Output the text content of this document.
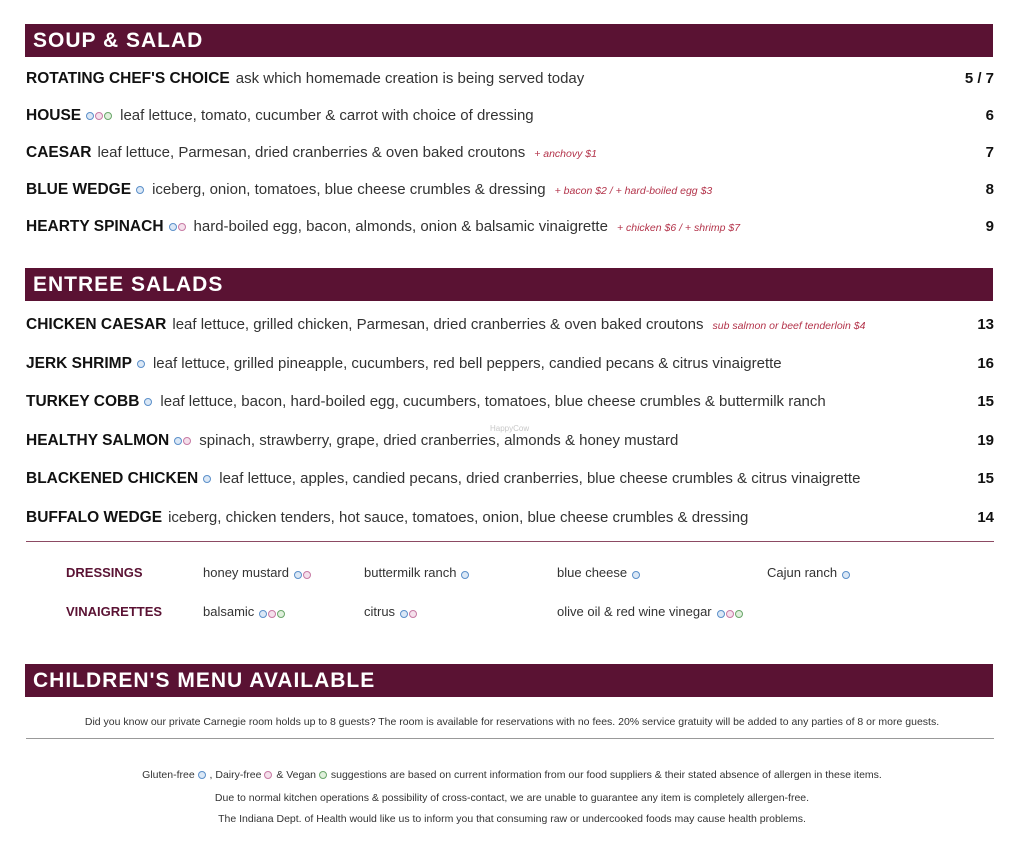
SOUP & SALAD
ROTATING CHEF'S CHOICE ask which homemade creation is being served today	5 / 7
HOUSE	leaf lettuce, tomato, cucumber & carrot with choice of dressing	6
CAESAR leaf lettuce, Parmesan, dried cranberries & oven baked croutons + anchovy $1	7
BLUE WEDGE iceberg, onion, tomatoes, blue cheese crumbles & dressing + bacon $2 / + hard-boiled egg $3	8
HEARTY SPINACH hard-boiled egg, bacon, almonds, onion & balsamic vinaigrette + chicken $6 / + shrimp $7	9
ENTREE SALADS
CHICKEN CAESAR leaf lettuce, grilled chicken, Parmesan, dried cranberries & oven baked croutons sub salmon or beef tenderloin $4	13
JERK SHRIMP leaf lettuce, grilled pineapple, cucumbers, red bell peppers, candied pecans & citrus vinaigrette	16
TURKEY COBB leaf lettuce, bacon, hard-boiled egg, cucumbers, tomatoes, blue cheese crumbles & buttermilk ranch	15
HEALTHY SALMON spinach, strawberry, grape, dried cranberries, almonds & honey mustard	19
BLACKENED CHICKEN leaf lettuce, apples, candied pecans, dried cranberries, blue cheese crumbles & citrus vinaigrette	15
BUFFALO WEDGE iceberg, chicken tenders, hot sauce, tomatoes, onion, blue cheese crumbles & dressing	14
HappyCow
DRESSINGS	honey mustard	buttermilk ranch	blue cheese	Cajun ranch
VINAIGRETTES	balsamic	citrus	olive oil & red wine vinegar
CHILDREN'S MENU AVAILABLE
Did you know our private Carnegie room holds up to 8 guests? The room is available for reservations with no fees. 20% service gratuity will be added to any parties of 8 or more guests.
Gluten-free , Dairy-free & Vegan suggestions are based on current information from our food suppliers & their stated absence of allergen in these items.
Due to normal kitchen operations & possibility of cross-contact, we are unable to guarantee any item is completely allergen-free.
The Indiana Dept. of Health would like us to inform you that consuming raw or undercooked foods may cause health problems.
